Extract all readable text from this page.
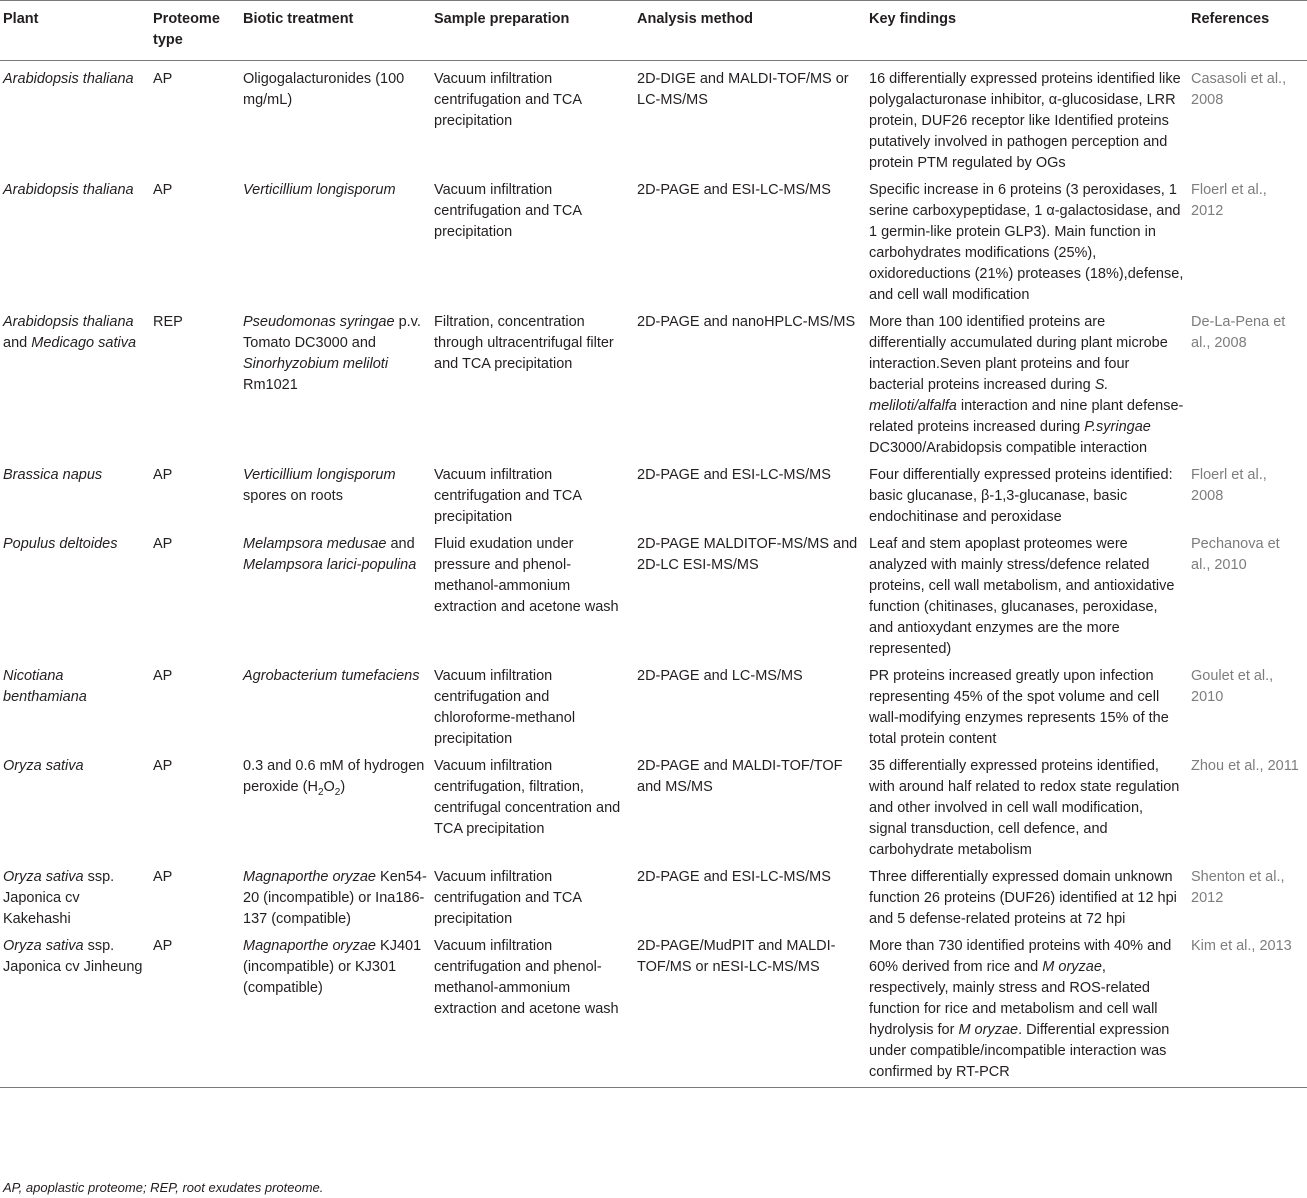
Plant	Proteome type	Biotic treatment	Sample preparation	Analysis method	Key findings	References
Arabidopsis thaliana	AP	Oligogalacturonides (100 mg/mL)	Vacuum infiltration centrifugation and TCA precipitation	2D-DIGE and MALDI-TOF/MS or LC-MS/MS	16 differentially expressed proteins identified like polygalacturonase inhibitor, α-glucosidase, LRR protein, DUF26 receptor like Identified proteins putatively involved in pathogen perception and protein PTM regulated by OGs	Casasoli et al., 2008
Arabidopsis thaliana	AP	Verticillium longisporum	Vacuum infiltration centrifugation and TCA precipitation	2D-PAGE and ESI-LC-MS/MS	Specific increase in 6 proteins (3 peroxidases, 1 serine carboxypeptidase, 1 α-galactosidase, and 1 germin-like protein GLP3). Main function in carbohydrates modifications (25%), oxidoreductions (21%) proteases (18%),defense, and cell wall modification	Floerl et al., 2012
Arabidopsis thaliana and Medicago sativa	REP	Pseudomonas syringae p.v. Tomato DC3000 and Sinorhyzobium meliloti Rm1021	Filtration, concentration through ultracentrifugal filter and TCA precipitation	2D-PAGE and nanoHPLC-MS/MS	More than 100 identified proteins are differentially accumulated during plant microbe interaction.Seven plant proteins and four bacterial proteins increased during S. meliloti/alfalfa interaction and nine plant defense-related proteins increased during P.syringae DC3000/Arabidopsis compatible interaction	De-La-Pena et al., 2008
Brassica napus	AP	Verticillium longisporum spores on roots	Vacuum infiltration centrifugation and TCA precipitation	2D-PAGE and ESI-LC-MS/MS	Four differentially expressed proteins identified: basic glucanase, β-1,3-glucanase, basic endochitinase and peroxidase	Floerl et al., 2008
Populus deltoides	AP	Melampsora medusae and Melampsora larici-populina	Fluid exudation under pressure and phenol-methanol-ammonium extraction and acetone wash	2D-PAGE MALDITOF-MS/MS and 2D-LC ESI-MS/MS	Leaf and stem apoplast proteomes were analyzed with mainly stress/defence related proteins, cell wall metabolism, and antioxidative function (chitinases, glucanases, peroxidase, and antioxydant enzymes are the more represented)	Pechanova et al., 2010
Nicotiana benthamiana	AP	Agrobacterium tumefaciens	Vacuum infiltration centrifugation and chloroforme-methanol precipitation	2D-PAGE and LC-MS/MS	PR proteins increased greatly upon infection representing 45% of the spot volume and cell wall-modifying enzymes represents 15% of the total protein content	Goulet et al., 2010
Oryza sativa	AP	0.3 and 0.6 mM of hydrogen peroxide $(H_2O_2)$	Vacuum infiltration centrifugation, filtration, centrifugal concentration and TCA precipitation	2D-PAGE and MALDI-TOF/TOF and MS/MS	35 differentially expressed proteins identified, with around half related to redox state regulation and other involved in cell wall modification, signal transduction, cell defence, and carbohydrate metabolism	Zhou et al., 2011
Oryza sativa ssp. Japonica cv Kakehashi	AP	Magnaporthe oryzae Ken54-20 (incompatible) or Ina186-137 (compatible)	Vacuum infiltration centrifugation and TCA precipitation	2D-PAGE and ESI-LC-MS/MS	Three differentially expressed domain unknown function 26 proteins (DUF26) identified at 12 hpi and 5 defense-related proteins at 72 hpi	Shenton et al., 2012
Oryza sativa ssp. Japonica cv Jinheung	AP	Magnaporthe oryzae KJ401 (incompatible) or KJ301 (compatible)	Vacuum infiltration centrifugation and phenol-methanol-ammonium extraction and acetone wash	2D-PAGE/MudPIT and MALDI-TOF/MS or nESI-LC-MS/MS	More than 730 identified proteins with 40% and 60% derived from rice and M oryzae, respectively, mainly stress and ROS-related function for rice and metabolism and cell wall hydrolysis for M oryzae. Differential expression under compatible/incompatible interaction was confirmed by RT-PCR	Kim et al., 2013
AP, apoplastic proteome; REP, root exudates proteome.
